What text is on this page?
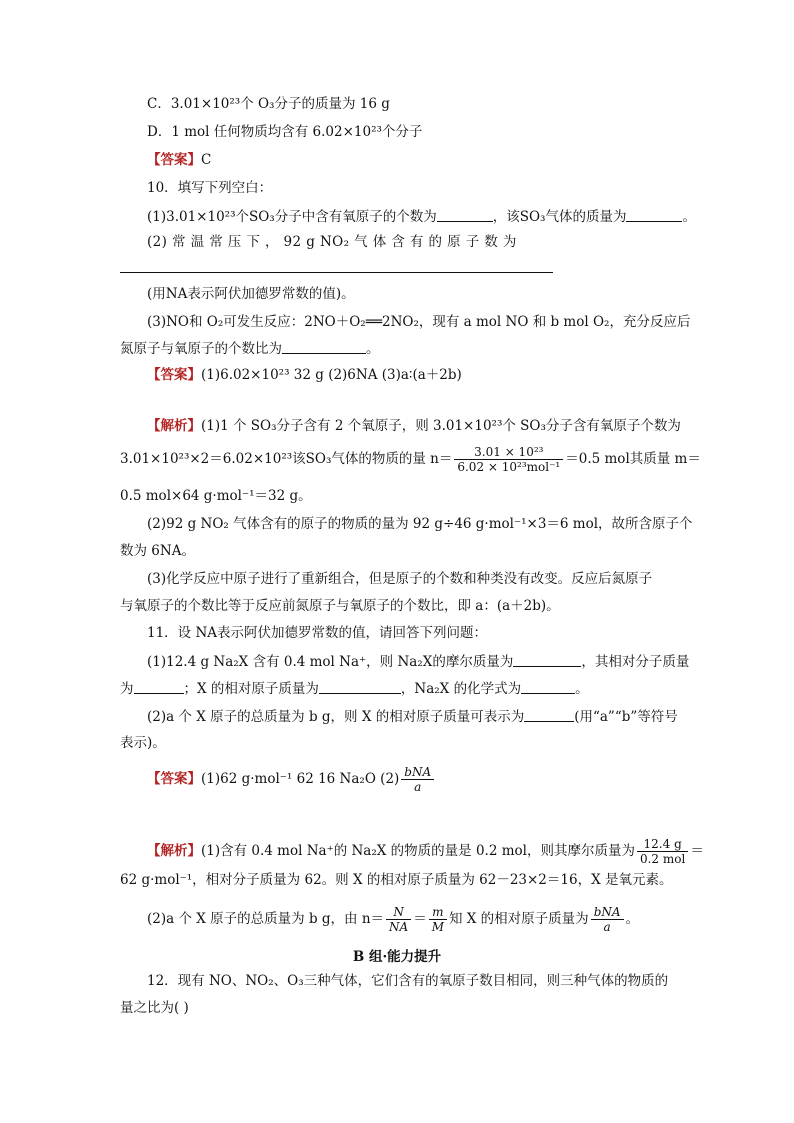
C．3.01×10²³个 O₃分子的质量为 16 g
D．1 mol 任何物质均含有 6.02×10²³个分子
【答案】C
10．填写下列空白：
(1)3.01×10²³个SO₃分子中含有氧原子的个数为	，该SO₃气体的质量为	。
(2) 常 温 常 压 下 ， 92 g NO₂ 气 体 含 有 的 原 子 数 为
(用NA表示阿伏加德罗常数的值)。
(3)NO和 O₂可发生反应：2NO＋O₂══2NO₂，现有 a mol NO 和 b mol O₂，充分反应后
氮原子与氧原子的个数比为	。
【答案】(1)6.02×10²³ 32 g (2)6NA (3)a∶(a＋2b)
【解析】(1)1 个 SO₃分子含有 2 个氧原子，则 3.01×10²³个 SO₃分子含有氧原子个数为
3.01×10²³×2＝6.02×10²³该SO₃气体的物质的量 $n= \frac{\text{3.01 × 10²³}}{\text{6.02 × 10²³mol⁻¹}} =0.5$ mol其质量 m＝
0.5 mol×64 g·mol⁻¹＝32 g。
(2)92 g NO₂ 气体含有的原子的物质的量为 92 g÷46 g·mol⁻¹×3＝6 mol，故所含原子个
数为 6NA。
(3)化学反应中原子进行了重新组合，但是原子的个数和种类没有改变。反应后氮原子
与氧原子的个数比等于反应前氮原子与氧原子的个数比，即 a：(a＋2b)。
11．设 NA表示阿伏加德罗常数的值，请回答下列问题：
(1)12.4 g Na₂X 含有 0.4 mol Na⁺，则 Na₂X的摩尔质量为	，其相对分子质量
为	；X 的相对原子质量为	，Na₂X 的化学式为	。
(2)a 个 X 原子的总质量为 b g，则 X 的相对原子质量可表示为	(用“a”“b”等符号
表示)。
【答案】(1)62 g·mol⁻¹ 62 16 Na₂O $(2) \frac{\text{bNA}}{a}$
【解析】(1)含有 0.4 mol Na⁺的 Na₂X 的物质的量是 0.2 mol，则其摩尔质量为 $\frac{12.4 g}{\text{0.2 mol}}$ ＝
62 g·mol⁻¹，相对分子质量为 62。则 X 的相对原子质量为 62－23×2＝16，X 是氧元素。
(2)a 个 X 原子的总质量为 b g，由 $n= \frac{N}{NA} = \frac{m}{M}$ 知 X 的相对原子质量为 $\frac{\text{bNA}}{a}$ 。
B 组·能力提升
12．现有 NO、NO₂、O₃三种气体，它们含有的氧原子数目相同，则三种气体的物质的
量之比为( )
